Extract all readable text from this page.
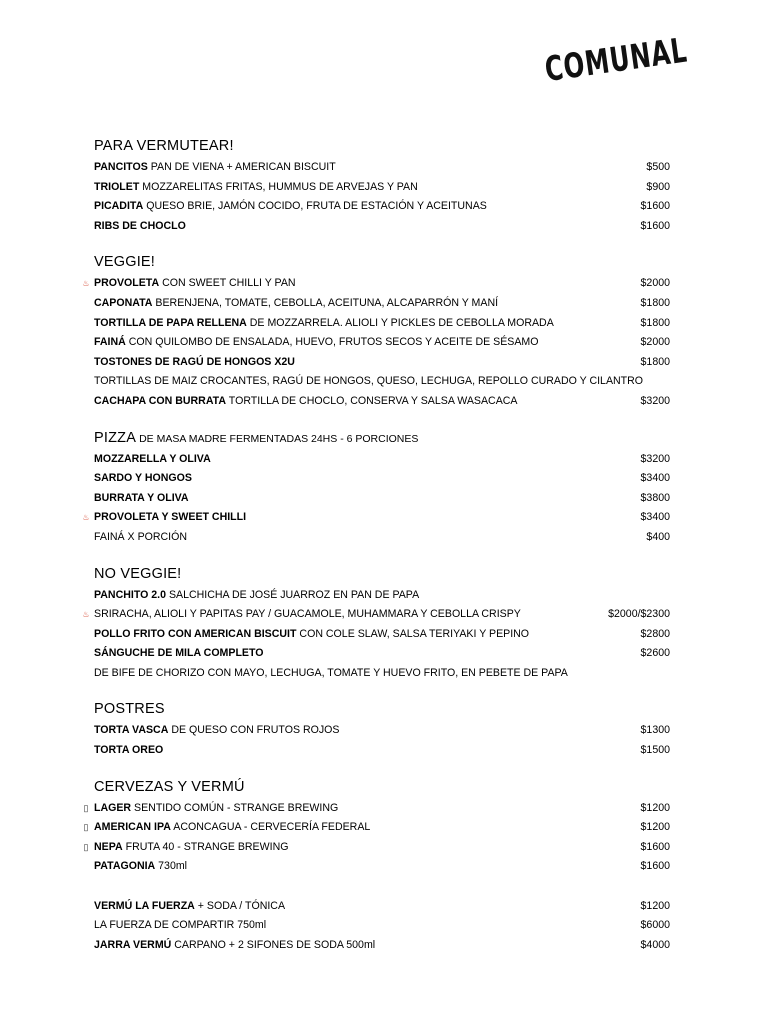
COMUNAL
PARA VERMUTEAR!
PANCITOS PAN DE VIENA + AMERICAN BISCUIT	$500
TRIOLET MOZZARELITAS FRITAS, HUMMUS DE ARVEJAS Y PAN	$900
PICADITA QUESO BRIE, JAMÓN COCIDO, FRUTA DE ESTACIÓN Y ACEITUNAS	$1600
RIBS DE CHOCLO	$1600
VEGGIE!
♨ PROVOLETA CON SWEET CHILLI Y PAN	$2000
CAPONATA BERENJENA, TOMATE, CEBOLLA, ACEITUNA, ALCAPARRÓN Y MANÍ	$1800
TORTILLA DE PAPA RELLENA DE MOZZARRELA. ALIOLI Y PICKLES DE CEBOLLA MORADA	$1800
FAINÁ CON QUILOMBO DE ENSALADA, HUEVO, FRUTOS SECOS Y ACEITE DE SÉSAMO	$2000
TOSTONES DE RAGÚ DE HONGOS X2U	$1800
TORTILLAS DE MAIZ CROCANTES, RAGÚ DE HONGOS, QUESO, LECHUGA, REPOLLO CURADO Y CILANTRO
CACHAPA CON BURRATA TORTILLA DE CHOCLO, CONSERVA Y SALSA WASACACA	$3200
PIZZA DE MASA MADRE FERMENTADAS 24HS - 6 PORCIONES
MOZZARELLA Y OLIVA	$3200
SARDO Y HONGOS	$3400
BURRATA Y OLIVA	$3800
♨ PROVOLETA Y SWEET CHILLI	$3400
FAINÁ X PORCIÓN	$400
NO VEGGIE!
PANCHITO 2.0 SALCHICHA DE JOSÉ JUARROZ EN PAN DE PAPA
♨ SRIRACHA, ALIOLI Y PAPITAS PAY / GUACAMOLE, MUHAMMARA Y CEBOLLA CRISPY	$2000/$2300
POLLO FRITO CON AMERICAN BISCUIT CON COLE SLAW, SALSA TERIYAKI Y PEPINO	$2800
SÁNGUCHE DE MILA COMPLETO	$2600
DE BIFE DE CHORIZO CON MAYO, LECHUGA, TOMATE Y HUEVO FRITO, EN PEBETE DE PAPA
POSTRES
TORTA VASCA DE QUESO CON FRUTOS ROJOS	$1300
TORTA OREO	$1500
CERVEZAS Y VERMÚ
▯ LAGER SENTIDO COMÚN - STRANGE BREWING	$1200
▯ AMERICAN IPA ACONCAGUA - CERVECERÍA FEDERAL	$1200
▯ NEPA FRUTA 40 - STRANGE BREWING	$1600
PATAGONIA 730ml	$1600
VERMÚ LA FUERZA + SODA / TÓNICA	$1200
LA FUERZA DE COMPARTIR 750ml	$6000
JARRA VERMÚ CARPANO + 2 SIFONES DE SODA 500ml	$4000
